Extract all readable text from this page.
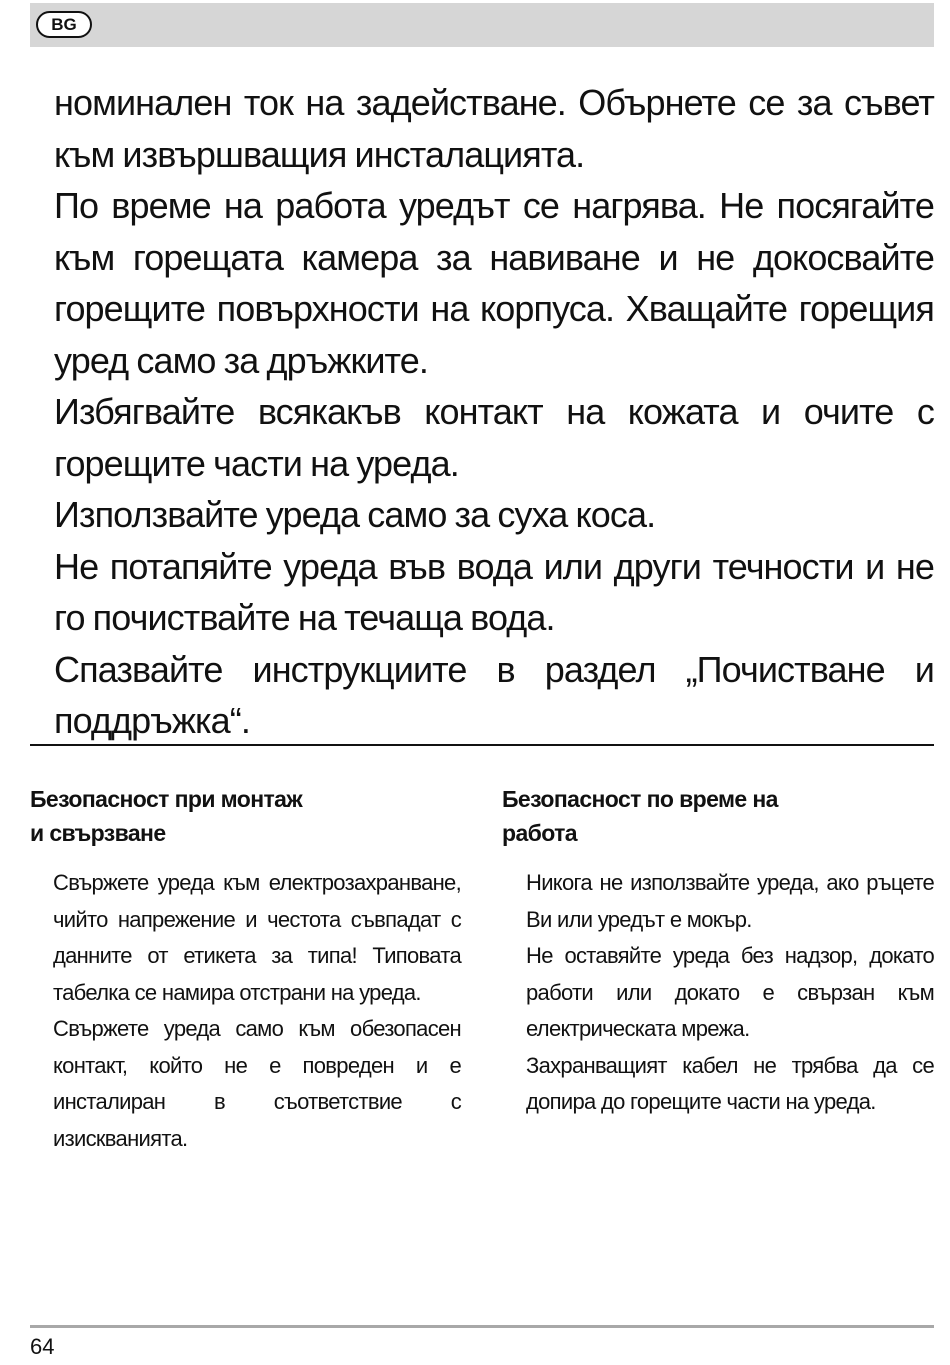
BG

номинален ток на задействане. Обърнете се за съвет към извършващия инсталацията.

По време на работа уредът се нагрява. Не посягайте към горещата камера за навиване и не докосвайте горещите повърхности на корпуса. Хващайте горещия уред само за дръжките.

Избягвайте всякакъв контакт на кожата и очите с горещите части на уреда.

Използвайте уреда само за суха коса.

Не потапяйте уреда във вода или други течности и не го почиствайте на течаща вода.

Спазвайте инструкциите в раздел „Почистване и поддръжка“.

Безопасност при монтаж
и свързване
Безопасност по време на
работа

Свържете уреда към електрозахранване, чийто напрежение и честота съвпадат с данните от етикета за типа! Типовата табелка се намира отстрани на уреда.

Свържете уреда само към обезопасен контакт, който не е повреден и е инсталиран в съответствие с изискванията.

Никога не използвайте уреда, ако ръцете Ви или уредът е мокър.

Не оставяйте уреда без надзор, докато работи или докато е свързан към електрическата мрежа.

Захранващият кабел не трябва да се допира до горещите части на уреда.

64
